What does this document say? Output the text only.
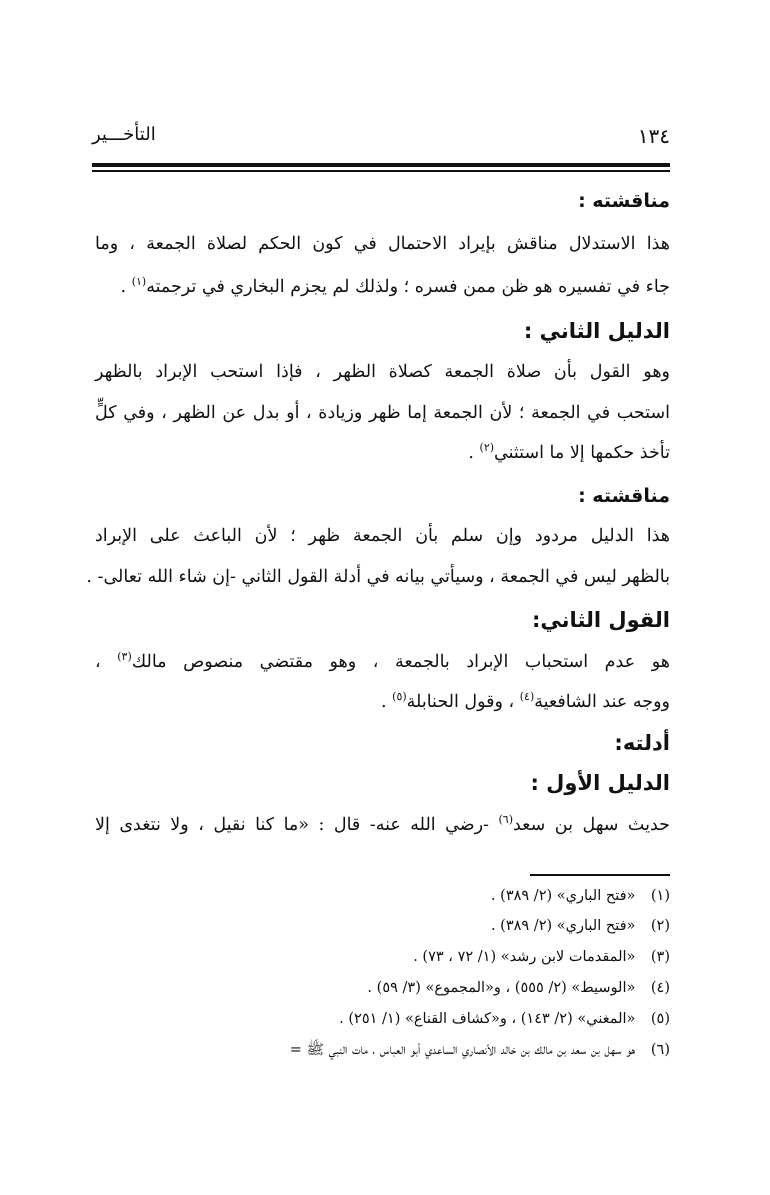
١٣٤
التأخـــير
مناقشته :
هذا الاستدلال مناقش بإيراد الاحتمال في كون الحكم لصلاة الجمعة ، وما
جاء في تفسيره هو ظن ممن فسره ؛ ولذلك لم يجزم البخاري في ترجمته$^{(١)}$ .
الدليل الثاني :
وهو القول بأن صلاة الجمعة كصلاة الظهر ، فإذا استحب الإبراد بالظهر
استحب في الجمعة ؛ لأن الجمعة إما ظهر وزيادة ، أو بدل عن الظهر ، وفي كلٍّ
تأخذ حكمها إلا ما استثني$^{(٢)}$ .
مناقشته :
هذا الدليل مردود وإن سلم بأن الجمعة ظهر ؛ لأن الباعث على الإبراد
بالظهر ليس في الجمعة ، وسيأتي بيانه في أدلة القول الثاني -إن شاء الله تعالى- .
القول الثاني:
هو عدم استحباب الإبراد بالجمعة ، وهو مقتضي منصوص مالك$^{(٣)}$ ،
ووجه عند الشافعية$^{(٤)}$ ، وقول الحنابلة$^{(٥)}$ .
أدلته:
الدليل الأول :
حديث سهل بن سعد$^{(٦)}$ -رضي الله عنه- قال : «ما كنا نقيل ، ولا نتغدى إلا
(١) «فتح الباري» (٢/ ٣٨٩) .
(٢) «فتح الباري» (٢/ ٣٨٩) .
(٣) «المقدمات لابن رشد» (١/ ٧٢ ، ٧٣) .
(٤) «الوسيط» (٢/ ٥٥٥) ، و«المجموع» (٣/ ٥٩) .
(٥) «المغني» (٢/ ١٤٣) ، و«كشاف القناع» (١/ ٢٥١) .
(٦) هو سهل بن سعد بن مالك بن خالد الأنصاري الساعدي أبو العباس ، مات النبي ﷺ =
